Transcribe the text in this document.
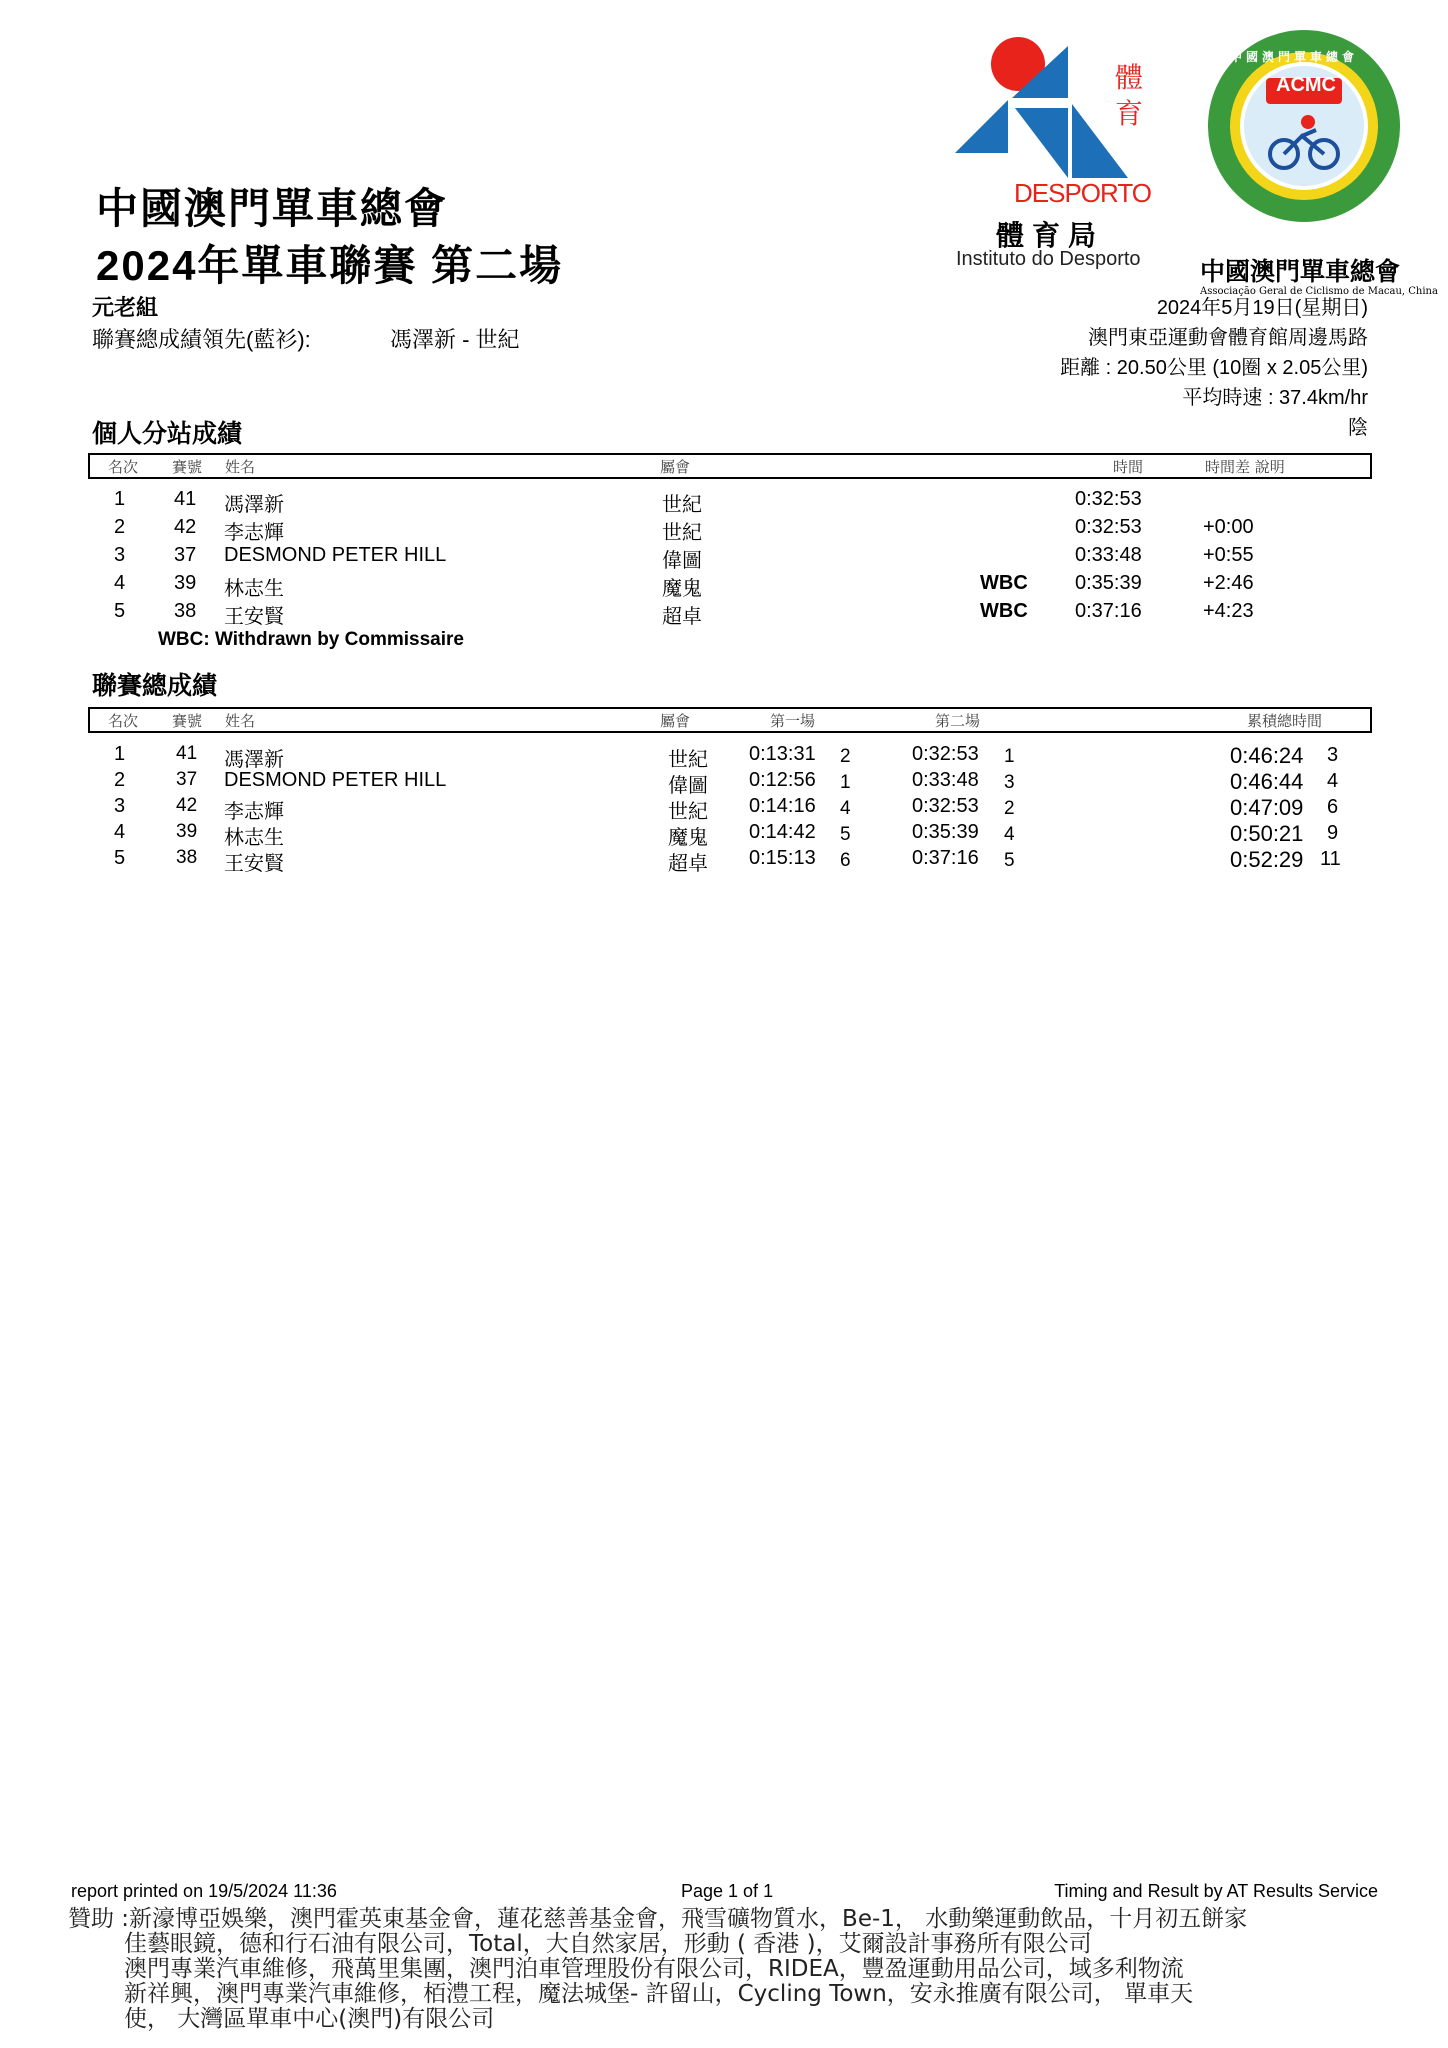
中國澳門單車總會
2024年單車聯賽 第二場
元老組
聯賽總成績領先(藍衫):	馮澤新 - 世紀
體
育
DESPORTO
體育局
Instituto do Desporto
ACMC
中國澳門單車總會
中國澳門單車總會
Associação Geral de Ciclismo de Macau, China
2024年5月19日(星期日)
澳門東亞運動會體育館周邊馬路
距離 : 20.50公里 (10圈 x 2.05公里)
平均時速 : 37.4km/hr
陰
個人分站成績
名次 賽號 姓名	屬會	時間	時間差 說明
1 41 馮澤新	世紀	0:32:53
2 42 李志輝	世紀	0:32:53	+0:00
3 37 DESMOND PETER HILL	偉圖	0:33:48	+0:55
4 39 林志生	魔鬼	WBC 0:35:39	+2:46
5 38 王安賢	超卓	WBC 0:37:16	+4:23
WBC: Withdrawn by Commissaire
聯賽總成績
名次 賽號 姓名	屬會	第一場	第二場	累積總時間
1	41 馮澤新	世紀 0:13:31 2	0:32:53 1	0:46:24 3
2	37 DESMOND PETER HILL	偉圖 0:12:56 1	0:33:48 3	0:46:44 4
3	42 李志輝	世紀 0:14:16 4	0:32:53 2	0:47:09 6
4	39 林志生	魔鬼 0:14:42 5	0:35:39 4	0:50:21 9
5	38 王安賢	超卓 0:15:13 6	0:37:16 5	0:52:29 11
report printed on 19/5/2024 11:36	Page 1 of 1	Timing and Result by AT Results Service
贊助 :新濠博亞娛樂，澳門霍英東基金會，蓮花慈善基金會，飛雪礦物質水，Be-1， 水動樂運動飲品，十月初五餅家
佳藝眼鏡，德和行石油有限公司，Total，大自然家居，形動 ( 香港 )，艾爾設計事務所有限公司
澳門專業汽車維修，飛萬里集團，澳門泊車管理股份有限公司，RIDEA，豐盈運動用品公司，域多利物流
新祥興，澳門專業汽車維修，栢澧工程，魔法城堡- 許留山，Cycling Town，安永推廣有限公司， 單車天
使， 大灣區單車中心(澳門)有限公司
